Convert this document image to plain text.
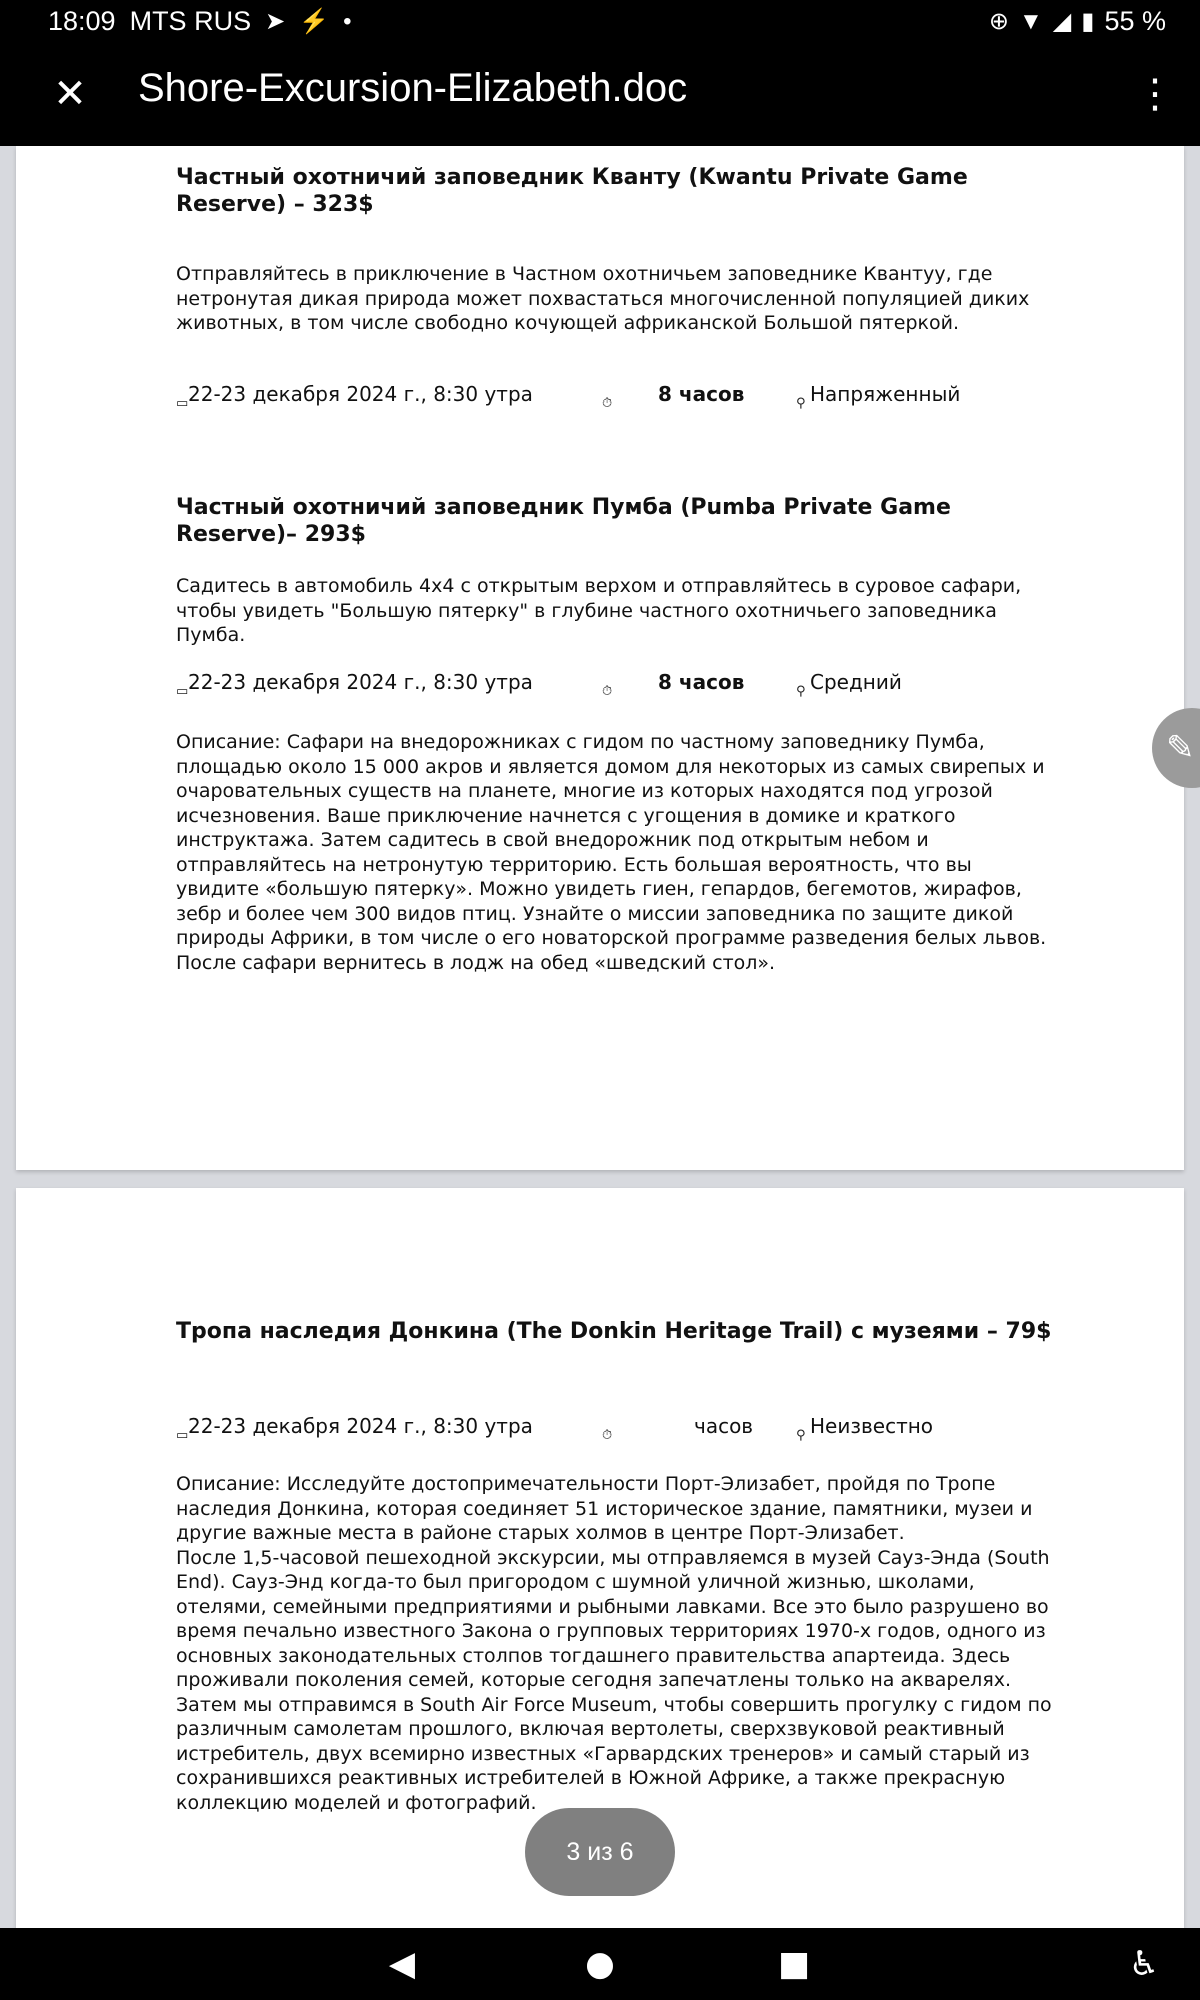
18:09 MTS RUS ➤ ⚡ •	⊕ ▼ ◢ ▮ 55 %
✕ Shore-Excursion-Elizabeth.doc	⋮
Частный охотничий заповедник Кванту (Kwantu Private Game Reserve) – 323$
Отправляйтесь в приключение в Частном охотничьем заповеднике Квантуу, где нетронутая дикая природа может похвастаться многочисленной популяцией диких животных, в том числе свободно кочующей африканской Большой пятеркой.
▭ 22-23 декабря 2024 г., 8:30 утра	⏱ 8 часов	⚲ Напряженный
Частный охотничий заповедник Пумба (Pumba Private Game Reserve)– 293$
Садитесь в автомобиль 4х4 с открытым верхом и отправляйтесь в суровое сафари, чтобы увидеть "Большую пятерку" в глубине частного охотничьего заповедника Пумба.
▭ 22-23 декабря 2024 г., 8:30 утра	⏱ 8 часов	⚲ Средний
Описание: Сафари на внедорожниках с гидом по частному заповеднику Пумба, площадью около 15 000 акров и является домом для некоторых из самых свирепых и очаровательных существ на планете, многие из которых находятся под угрозой исчезновения. Ваше приключение начнется с угощения в домике и краткого инструктажа. Затем садитесь в свой внедорожник под открытым небом и отправляйтесь на нетронутую территорию. Есть большая вероятность, что вы увидите «большую пятерку». Можно увидеть гиен, гепардов, бегемотов, жирафов, зебр и более чем 300 видов птиц. Узнайте о миссии заповедника по защите дикой природы Африки, в том числе о его новаторской программе разведения белых львов. После сафари вернитесь в лодж на обед «шведский стол».
Тропа наследия Донкина (The Donkin Heritage Trail) с музеями – 79$
▭ 22-23 декабря 2024 г., 8:30 утра	⏱	часов	⚲ Неизвестно
Описание: Исследуйте достопримечательности Порт-Элизабет, пройдя по Тропе наследия Донкина, которая соединяет 51 историческое здание, памятники, музеи и другие важные места в районе старых холмов в центре Порт-Элизабет.
После 1,5-часовой пешеходной экскурсии, мы отправляемся в музей Сауз-Энда (South End). Сауз-Энд когда-то был пригородом с шумной уличной жизнью, школами, отелями, семейными предприятиями и рыбными лавками. Все это было разрушено во время печально известного Закона о групповых территориях 1970-х годов, одного из основных законодательных столпов тогдашнего правительства апартеида. Здесь проживали поколения семей, которые сегодня запечатлены только на акварелях.
Затем мы отправимся в South Air Force Museum, чтобы совершить прогулку с гидом по различным самолетам прошлого, включая вертолеты, сверхзвуковой реактивный истребитель, двух всемирно известных «Гарвардских тренеров» и самый старый из сохранившихся реактивных истребителей в Южной Африке, а также прекрасную коллекцию моделей и фотографий.
✎
3 из 6
◀	●	■	♿
